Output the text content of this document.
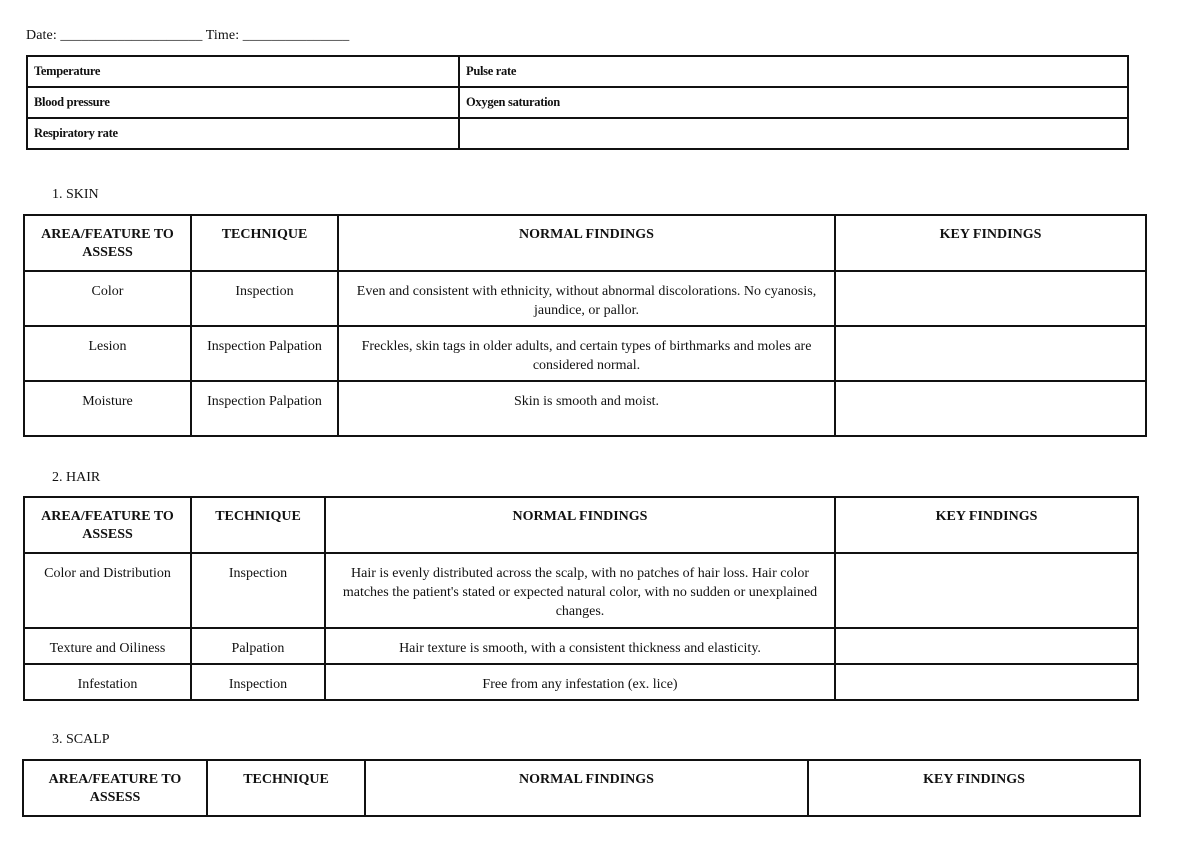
Date: ____________________ Time: _______________
Temperature	Pulse rate
Blood pressure	Oxygen saturation
Respiratory rate	
1. SKIN
AREA/FEATURE TO ASSESS	TECHNIQUE	NORMAL FINDINGS	KEY FINDINGS
Color	Inspection	Even and consistent with ethnicity, without abnormal discolorations. No cyanosis, jaundice, or pallor.	
Lesion	Inspection Palpation	Freckles, skin tags in older adults, and certain types of birthmarks and moles are considered normal.	
Moisture	Inspection Palpation	Skin is smooth and moist.	
2. HAIR
AREA/FEATURE TO ASSESS	TECHNIQUE	NORMAL FINDINGS	KEY FINDINGS
Color and Distribution	Inspection	Hair is evenly distributed across the scalp, with no patches of hair loss. Hair color matches the patient's stated or expected natural color, with no sudden or unexplained changes.	
Texture and Oiliness	Palpation	Hair texture is smooth, with a consistent thickness and elasticity.	
Infestation	Inspection	Free from any infestation (ex. lice)	
3. SCALP
AREA/FEATURE TO ASSESS	TECHNIQUE	NORMAL FINDINGS	KEY FINDINGS
